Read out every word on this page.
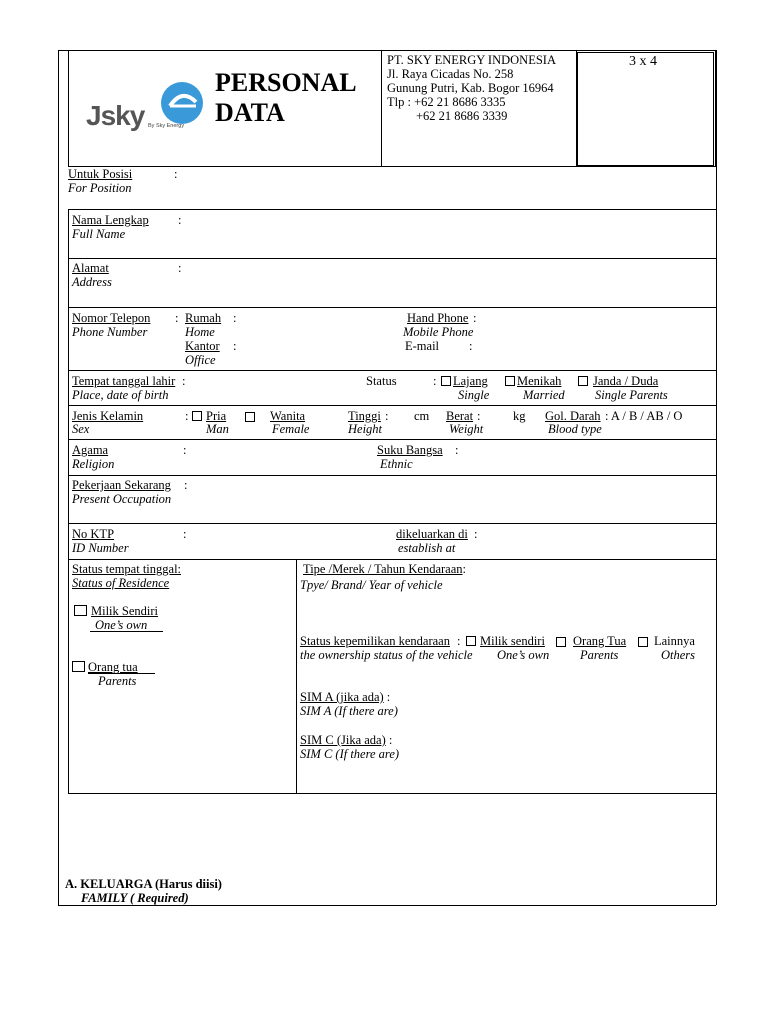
Jsky By Sky Energy
PERSONAL
DATA
PT. SKY ENERGY INDONESIA
Jl. Raya Cicadas No. 258
Gunung Putri, Kab. Bogor 16964
Tlp : +62 21 8686 3335
+62 21 8686 3339
3 x 4
Untuk Posisi	:
For Position
Nama Lengkap :
Full Name
Alamat	:
Address
Nomor Telepon
Phone Number
: Rumah :
Home
Kantor :
Office
Hand Phone :
Mobile Phone
E-mail :
Tempat tanggal lahir :
Place, date of birth
Status	:	Lajang
Single
Menikah
Married
Janda / Duda
Single Parents
Jenis Kelamin
Sex
:	Pria
Man
Wanita
Female
Tinggi : cm
Height
Berat :	kg
Weight
Gol. Darah : A / B / AB / O
Blood type
Agama	:
Religion
Suku Bangsa :
Ethnic
Pekerjaan Sekarang :
Present Occupation
No KTP	:
ID Number
dikeluarkan di :
establish at
Status tempat tinggal:
Status of Residence
Milik Sendiri
One’s own
Orang tua
Parents
Tipe /Merek / Tahun Kendaraan:
Tpye/ Brand/ Year of vehicle
Status kepemilikan kendaraan :
the ownership status of the vehicle
Milik sendiri
One’s own
Orang Tua
Parents
Lainnya
Others
SIM A (jika ada) :
SIM A (If there are)
SIM C (Jika ada) :
SIM C (If there are)
A. KELUARGA (Harus diisi)
FAMILY ( Required)
